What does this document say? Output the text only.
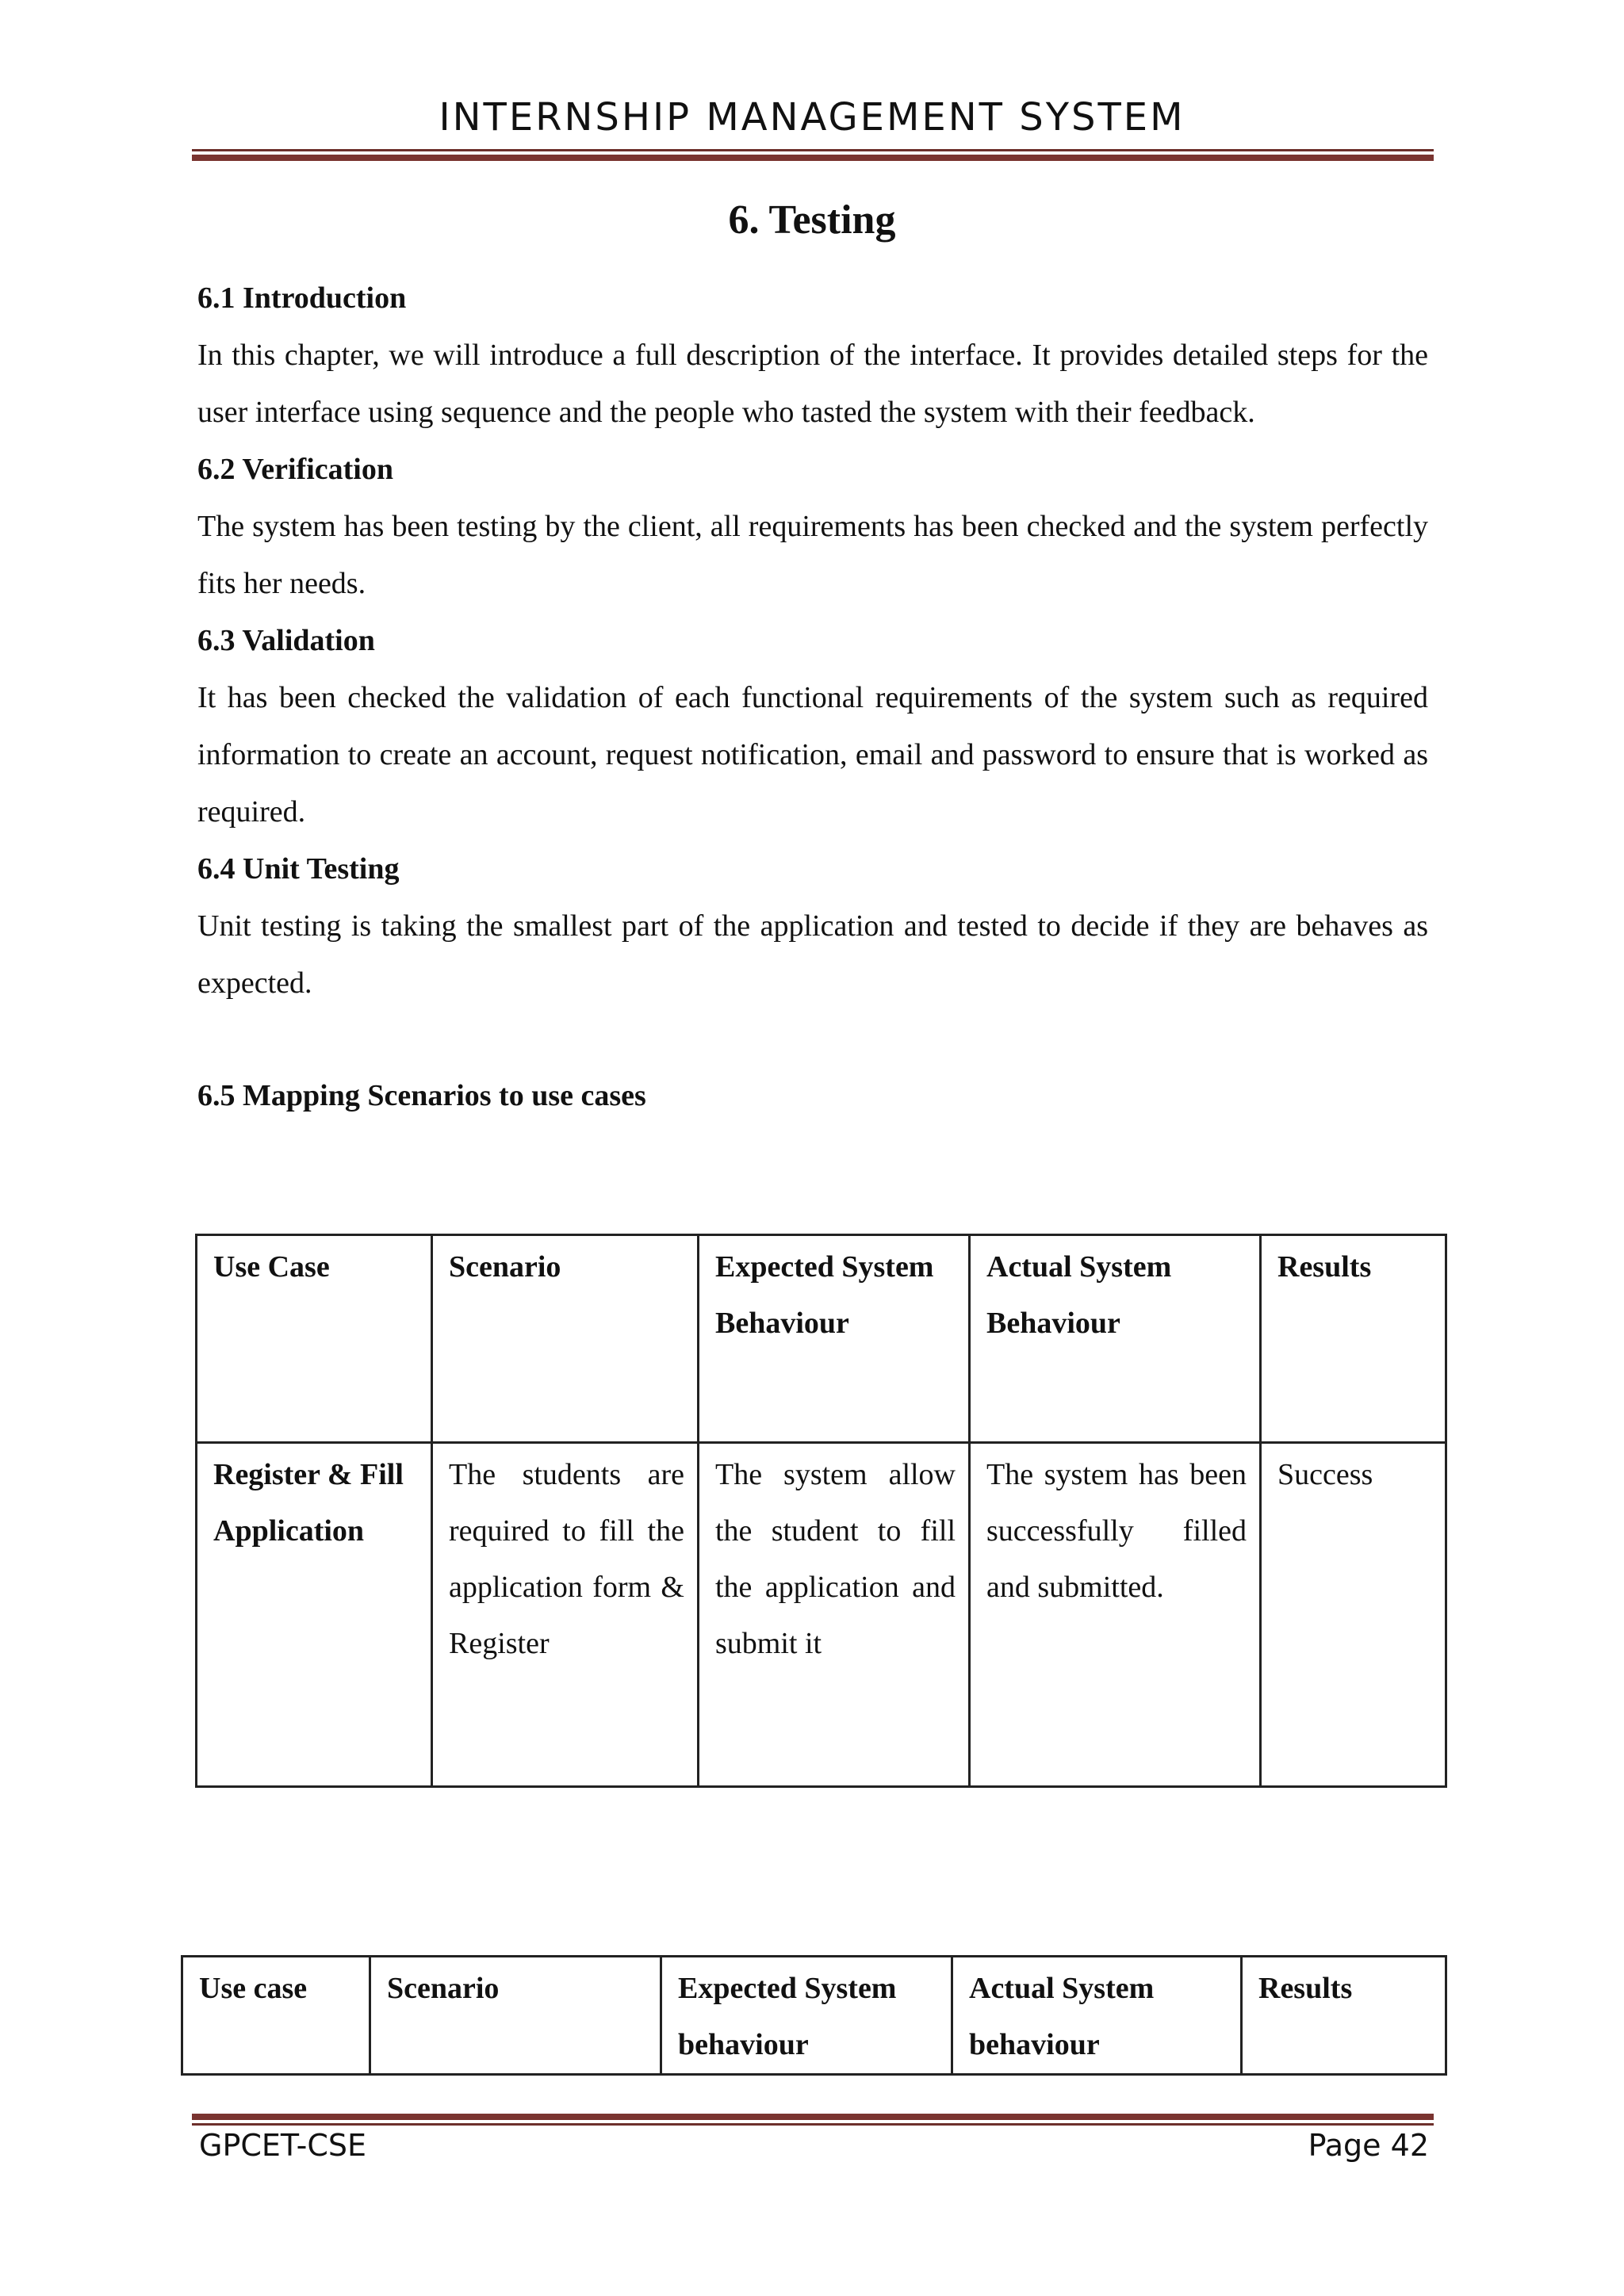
INTERNSHIP MANAGEMENT SYSTEM
6. Testing

6.1 Introduction

In this chapter, we will introduce a full description of the interface. It provides detailed steps for the user interface using sequence and the people who tasted the system with their feedback.

6.2 Verification

The system has been testing by the client, all requirements has been checked and the system perfectly fits her needs.

6.3 Validation

It has been checked the validation of each functional requirements of the system such as required information to create an account, request notification, email and password to ensure that is worked as required.

6.4 Unit Testing

Unit testing is taking the smallest part of the application and tested to decide if they are behaves as expected.

6.5 Mapping Scenarios to use cases

Use Case	Scenario	Expected System Behaviour	Actual System Behaviour	Results
Register & Fill Application	The students are required to fill the application form & Register	The system allow the student to fill the application and submit it	The system has been successfully filled and submitted.	Success
Use case	Scenario	Expected System behaviour	Actual System behaviour	Results
GPCET-CSE	Page 42
